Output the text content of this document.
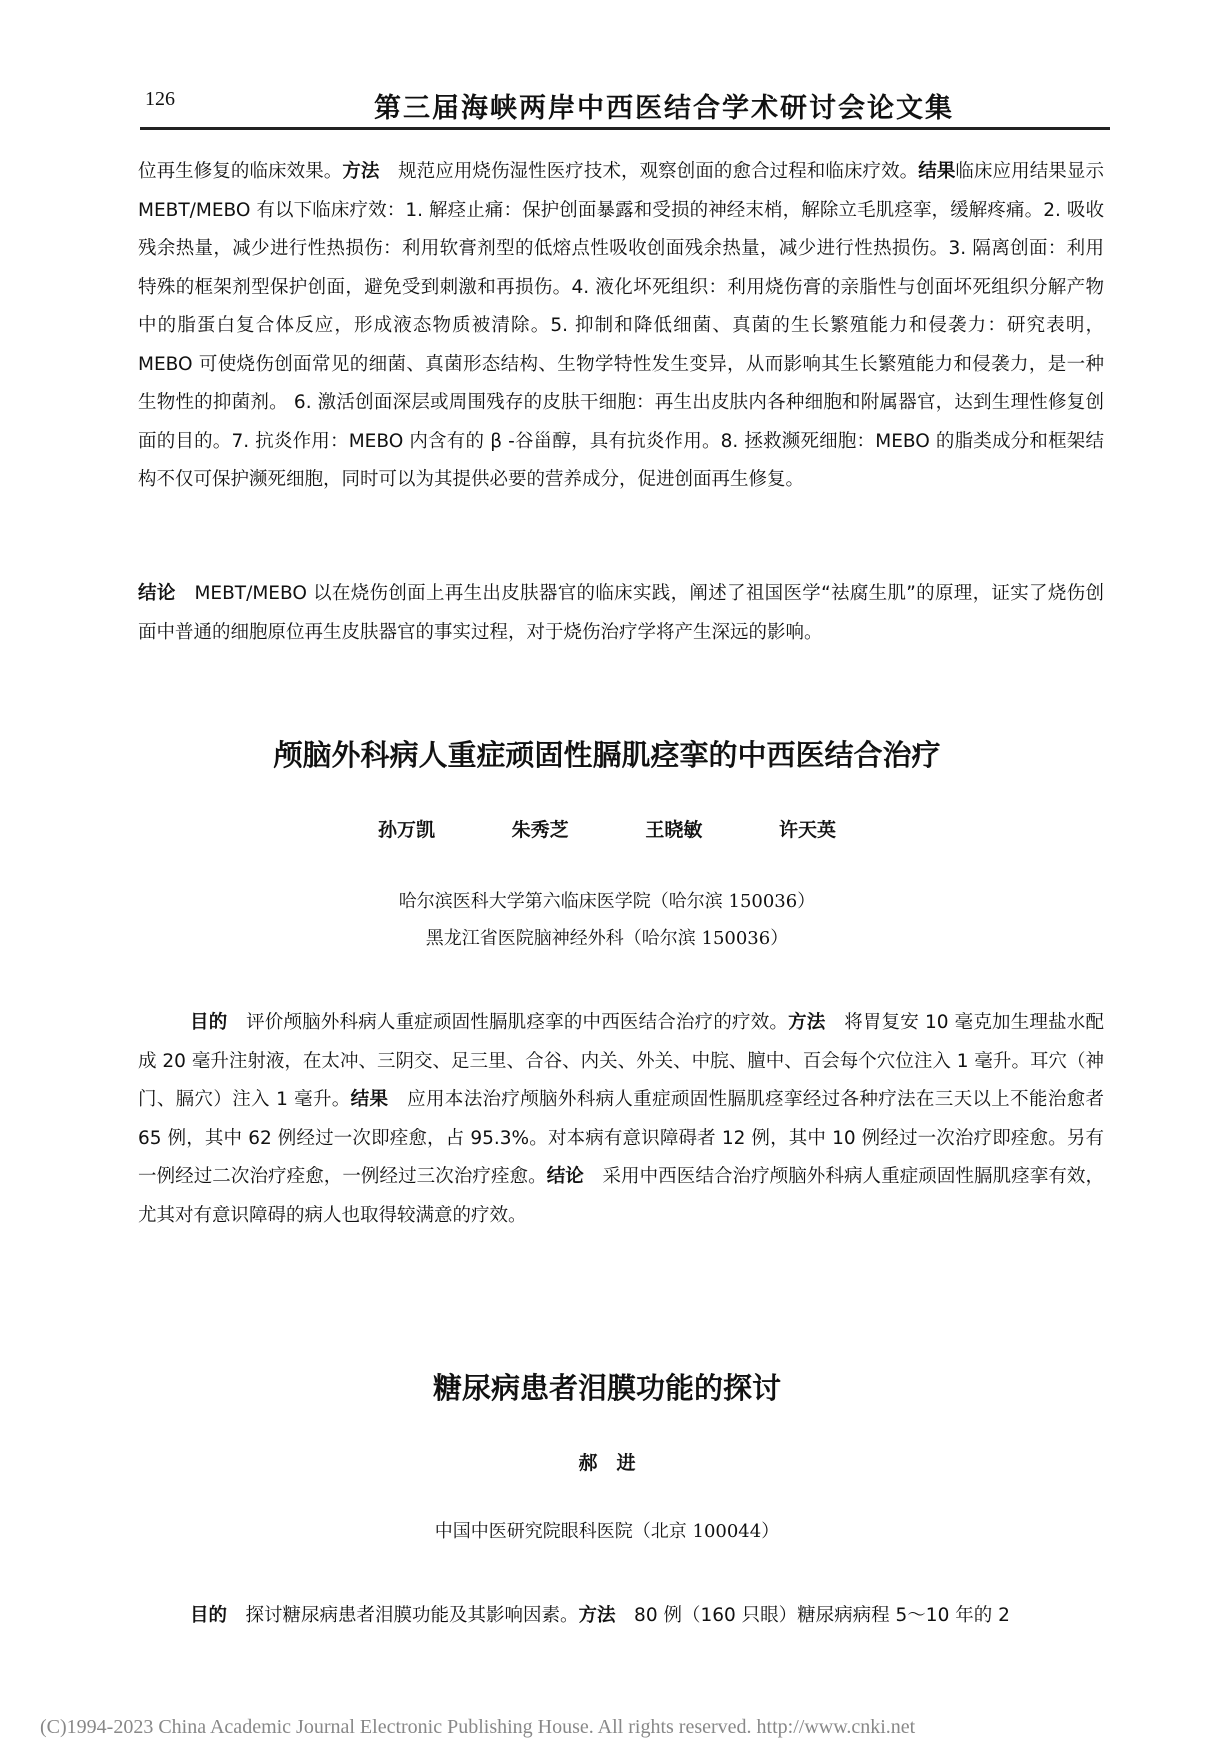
126	第三届海峡两岸中西医结合学术研讨会论文集
位再生修复的临床效果。方法　规范应用烧伤湿性医疗技术，观察创面的愈合过程和临床疗效。结果临床应用结果显示 MEBT/MEBO 有以下临床疗效：1. 解痉止痛：保护创面暴露和受损的神经末梢，解除立毛肌痉挛，缓解疼痛。2. 吸收残余热量，减少进行性热损伤：利用软膏剂型的低熔点性吸收创面残余热量，减少进行性热损伤。3. 隔离创面：利用特殊的框架剂型保护创面，避免受到刺激和再损伤。4. 液化坏死组织：利用烧伤膏的亲脂性与创面坏死组织分解产物中的脂蛋白复合体反应，形成液态物质被清除。5. 抑制和降低细菌、真菌的生长繁殖能力和侵袭力：研究表明，MEBO 可使烧伤创面常见的细菌、真菌形态结构、生物学特性发生变异，从而影响其生长繁殖能力和侵袭力，是一种生物性的抑菌剂。 6. 激活创面深层或周围残存的皮肤干细胞：再生出皮肤内各种细胞和附属器官，达到生理性修复创面的目的。7. 抗炎作用：MEBO 内含有的 β -谷甾醇，具有抗炎作用。8. 拯救濒死细胞：MEBO 的脂类成分和框架结构不仅可保护濒死细胞，同时可以为其提供必要的营养成分，促进创面再生修复。
结论　MEBT/MEBO 以在烧伤创面上再生出皮肤器官的临床实践，阐述了祖国医学“祛腐生肌”的原理，证实了烧伤创面中普通的细胞原位再生皮肤器官的事实过程，对于烧伤治疗学将产生深远的影响。
颅脑外科病人重症顽固性膈肌痉挛的中西医结合治疗
孙万凯	朱秀芝	王晓敏	许天英
哈尔滨医科大学第六临床医学院（哈尔滨 150036）
黑龙江省医院脑神经外科（哈尔滨 150036）
目的　评价颅脑外科病人重症顽固性膈肌痉挛的中西医结合治疗的疗效。方法　将胃复安 10 毫克加生理盐水配成 20 毫升注射液，在太冲、三阴交、足三里、合谷、内关、外关、中脘、膻中、百会每个穴位注入 1 毫升。耳穴（神门、膈穴）注入 1 毫升。结果　应用本法治疗颅脑外科病人重症顽固性膈肌痉挛经过各种疗法在三天以上不能治愈者 65 例，其中 62 例经过一次即痊愈，占 95.3%。对本病有意识障碍者 12 例，其中 10 例经过一次治疗即痊愈。另有一例经过二次治疗痊愈，一例经过三次治疗痊愈。结论　采用中西医结合治疗颅脑外科病人重症顽固性膈肌痉挛有效，尤其对有意识障碍的病人也取得较满意的疗效。
糖尿病患者泪膜功能的探讨
郝　进
中国中医研究院眼科医院（北京 100044）
目的　探讨糖尿病患者泪膜功能及其影响因素。方法　80 例（160 只眼）糖尿病病程 5～10 年的 2
(C)1994-2023 China Academic Journal Electronic Publishing House. All rights reserved. http://www.cnki.net
